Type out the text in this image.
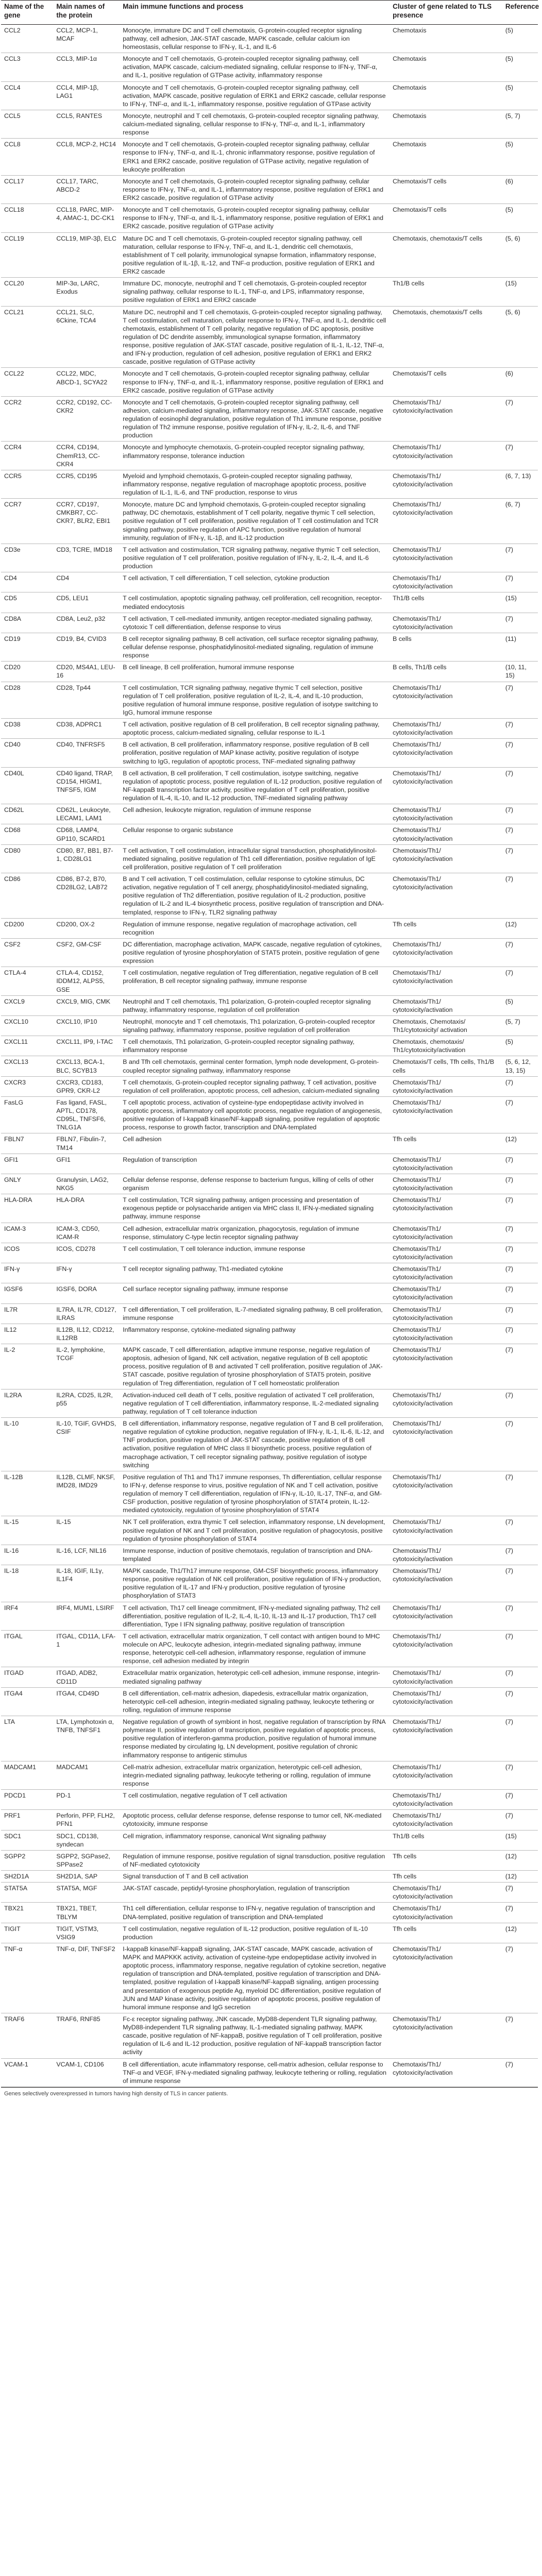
Name of the gene	Main names of the protein	Main immune functions and process	Cluster of gene related to TLS presence	Reference
CCL2	CCL2, MCP-1, MCAF	Monocyte, immature DC and T cell chemotaxis, G-protein-coupled receptor signaling pathway, cell adhesion, JAK-STAT cascade, MAPK cascade, cellular calcium ion homeostasis, cellular response to IFN-γ, IL-1, and IL-6	Chemotaxis	(5)
CCL3	CCL3, MIP-1α	Monocyte and T cell chemotaxis, G-protein-coupled receptor signaling pathway, cell activation, MAPK cascade, calcium-mediated signaling, cellular response to IFN-γ, TNF-α, and IL-1, positive regulation of GTPase activity, inflammatory response	Chemotaxis	(5)
CCL4	CCL4, MIP-1β, LAG1	Monocyte and T cell chemotaxis, G-protein-coupled receptor signaling pathway, cell activation, MAPK cascade, positive regulation of ERK1 and ERK2 cascade, cellular response to IFN-γ, TNF-α, and IL-1, inflammatory response, positive regulation of GTPase activity	Chemotaxis	(5)
CCL5	CCL5, RANTES	Monocyte, neutrophil and T cell chemotaxis, G-protein-coupled receptor signaling pathway, calcium-mediated signaling, cellular response to IFN-γ, TNF-α, and IL-1, inflammatory response	Chemotaxis	(5, 7)
CCL8	CCL8, MCP-2, HC14	Monocyte and T cell chemotaxis, G-protein-coupled receptor signaling pathway, cellular response to IFN-γ, TNF-α, and IL-1, chronic inflammatory response, positive regulation of ERK1 and ERK2 cascade, positive regulation of GTPase activity, negative regulation of leukocyte proliferation	Chemotaxis	(5)
CCL17	CCL17, TARC, ABCD-2	Monocyte and T cell chemotaxis, G-protein-coupled receptor signaling pathway, cellular response to IFN-γ, TNF-α, and IL-1, inflammatory response, positive regulation of ERK1 and ERK2 cascade, positive regulation of GTPase activity	Chemotaxis/T cells	(6)
CCL18	CCL18, PARC, MIP-4, AMAC-1, DC-CK1	Monocyte and T cell chemotaxis, G-protein-coupled receptor signaling pathway, cellular response to IFN-γ, TNF-α, and IL-1, inflammatory response, positive regulation of ERK1 and ERK2 cascade, positive regulation of GTPase activity	Chemotaxis/T cells	(5)
CCL19	CCL19, MIP-3β, ELC	Mature DC and T cell chemotaxis, G-protein-coupled receptor signaling pathway, cell maturation, cellular response to IFN-γ, TNF-α, and IL-1, dendritic cell chemotaxis, establishment of T cell polarity, immunological synapse formation, inflammatory response, positive regulation of IL-1β, IL-12, and TNF-α production, positive regulation of ERK1 and ERK2 cascade	Chemotaxis, chemotaxis/T cells	(5, 6)
CCL20	MIP-3α, LARC, Exodus	Immature DC, monocyte, neutrophil and T cell chemotaxis, G-protein-coupled receptor signaling pathway, cellular response to IL-1, TNF-α, and LPS, inflammatory response, positive regulation of ERK1 and ERK2 cascade	Th1/B cells	(15)
CCL21	CCL21, SLC, 6Ckine, TCA4	Mature DC, neutrophil and T cell chemotaxis, G-protein-coupled receptor signaling pathway, T cell costimulation, cell maturation, cellular response to IFN-γ, TNF-α, and IL-1, dendritic cell chemotaxis, establishment of T cell polarity, negative regulation of DC apoptosis, positive regulation of DC dendrite assembly, immunological synapse formation, inflammatory response, positive regulation of JAK-STAT cascade, positive regulation of IL-1, IL-12, TNF-α, and IFN-γ production, regulation of cell adhesion, positive regulation of ERK1 and ERK2 cascade, positive regulation of GTPase activity	Chemotaxis, chemotaxis/T cells	(5, 6)
CCL22	CCL22, MDC, ABCD-1, SCYA22	Monocyte and T cell chemotaxis, G-protein-coupled receptor signaling pathway, cellular response to IFN-γ, TNF-α, and IL-1, inflammatory response, positive regulation of ERK1 and ERK2 cascade, positive regulation of GTPase activity	Chemotaxis/T cells	(6)
CCR2	CCR2, CD192, CC-CKR2	Monocyte and T cell chemotaxis, G-protein-coupled receptor signaling pathway, cell adhesion, calcium-mediated signaling, inflammatory response, JAK-STAT cascade, negative regulation of eosinophil degranulation, positive regulation of Th1 immune response, positive regulation of Th2 immune response, positive regulation of IFN-γ, IL-2, IL-6, and TNF production	Chemotaxis/Th1/ cytotoxicity/activation	(7)
CCR4	CCR4, CD194, ChemR13, CC-CKR4	Monocyte and lymphocyte chemotaxis, G-protein-coupled receptor signaling pathway, inflammatory response, tolerance induction	Chemotaxis/Th1/ cytotoxicity/activation	(7)
CCR5	CCR5, CD195	Myeloid and lymphoid chemotaxis, G-protein-coupled receptor signaling pathway, inflammatory response, negative regulation of macrophage apoptotic process, positive regulation of IL-1, IL-6, and TNF production, response to virus	Chemotaxis/Th1/ cytotoxicity/activation	(6, 7, 13)
CCR7	CCR7, CD197, CMKBR7, CC-CKR7, BLR2, EBI1	Monocyte, mature DC and lymphoid chemotaxis, G-protein-coupled receptor signaling pathway, DC chemotaxis, establishment of T cell polarity, negative thymic T cell selection, positive regulation of T cell proliferation, positive regulation of T cell costimulation and TCR signaling pathway, positive regulation of APC function, positive regulation of humoral immunity, regulation of IFN-γ, IL-1β, and IL-12 production	Chemotaxis/Th1/ cytotoxicity/activation	(6, 7)
CD3e	CD3, TCRE, IMD18	T cell activation and costimulation, TCR signaling pathway, negative thymic T cell selection, positive regulation of T cell proliferation, positive regulation of IFN-γ, IL-2, IL-4, and IL-6 production	Chemotaxis/Th1/ cytotoxicity/activation	(7)
CD4	CD4	T cell activation, T cell differentiation, T cell selection, cytokine production	Chemotaxis/Th1/ cytotoxicity/activation	(7)
CD5	CD5, LEU1	T cell costimulation, apoptotic signaling pathway, cell proliferation, cell recognition, receptor-mediated endocytosis	Th1/B cells	(15)
CD8A	CD8A, Leu2, p32	T cell activation, T cell-mediated immunity, antigen receptor-mediated signaling pathway, cytotoxic T cell differentiation, defense response to virus	Chemotaxis/Th1/ cytotoxicity/activation	(7)
CD19	CD19, B4, CVID3	B cell receptor signaling pathway, B cell activation, cell surface receptor signaling pathway, cellular defense response, phosphatidylinositol-mediated signaling, regulation of immune response	B cells	(11)
CD20	CD20, MS4A1, LEU-16	B cell lineage, B cell proliferation, humoral immune response	B cells, Th1/B cells	(10, 11, 15)
CD28	CD28, Tp44	T cell costimulation, TCR signaling pathway, negative thymic T cell selection, positive regulation of T cell proliferation, positive regulation of IL-2, IL-4, and IL-10 production, positive regulation of humoral immune response, positive regulation of isotype switching to IgG, humoral immune response	Chemotaxis/Th1/ cytotoxicity/activation	(7)
CD38	CD38, ADPRC1	T cell activation, positive regulation of B cell proliferation, B cell receptor signaling pathway, apoptotic process, calcium-mediated signaling, cellular response to IL-1	Chemotaxis/Th1/ cytotoxicity/activation	(7)
CD40	CD40, TNFRSF5	B cell activation, B cell proliferation, inflammatory response, positive regulation of B cell proliferation, positive regulation of MAP kinase activity, positive regulation of isotype switching to IgG, regulation of apoptotic process, TNF-mediated signaling pathway	Chemotaxis/Th1/ cytotoxicity/activation	(7)
CD40L	CD40 ligand, TRAP, CD154, HIGM1, TNFSF5, IGM	B cell activation, B cell proliferation, T cell costimulation, isotype switching, negative regulation of apoptotic process, positive regulation of IL-12 production, positive regulation of NF-kappaB transcription factor activity, positive regulation of T cell proliferation, positive regulation of IL-4, IL-10, and IL-12 production, TNF-mediated signaling pathway	Chemotaxis/Th1/ cytotoxicity/activation	(7)
CD62L	CD62L, Leukocyte, LECAM1, LAM1	Cell adhesion, leukocyte migration, regulation of immune response	Chemotaxis/Th1/ cytotoxicity/activation	(7)
CD68	CD68, LAMP4, GP110, SCARD1	Cellular response to organic substance	Chemotaxis/Th1/ cytotoxicity/activation	(7)
CD80	CD80, B7, BB1, B7-1, CD28LG1	T cell activation, T cell costimulation, intracellular signal transduction, phosphatidylinositol-mediated signaling, positive regulation of Th1 cell differentiation, positive regulation of IgE cell proliferation, positive regulation of T cell proliferation	Chemotaxis/Th1/ cytotoxicity/activation	(7)
CD86	CD86, B7-2, B70, CD28LG2, LAB72	B and T cell activation, T cell costimulation, cellular response to cytokine stimulus, DC activation, negative regulation of T cell anergy, phosphatidylinositol-mediated signaling, positive regulation of Th2 differentiation, positive regulation of IL-2 production, positive regulation of IL-2 and IL-4 biosynthetic process, positive regulation of transcription and DNA-templated, response to IFN-γ, TLR2 signaling pathway	Chemotaxis/Th1/ cytotoxicity/activation	(7)
CD200	CD200, OX-2	Regulation of immune response, negative regulation of macrophage activation, cell recognition	Tfh cells	(12)
CSF2	CSF2, GM-CSF	DC differentiation, macrophage activation, MAPK cascade, negative regulation of cytokines, positive regulation of tyrosine phosphorylation of STAT5 protein, positive regulation of gene expression	Chemotaxis/Th1/ cytotoxicity/activation	(7)
CTLA-4	CTLA-4, CD152, IDDM12, ALPS5, GSE	T cell costimulation, negative regulation of Treg differentiation, negative regulation of B cell proliferation, B cell receptor signaling pathway, immune response	Chemotaxis/Th1/ cytotoxicity/activation	(7)
CXCL9	CXCL9, MIG, CMK	Neutrophil and T cell chemotaxis, Th1 polarization, G-protein-coupled receptor signaling pathway, inflammatory response, regulation of cell proliferation	Chemotaxis/Th1/ cytotoxicity/activation	(5)
CXCL10	CXCL10, IP10	Neutrophil, monocyte and T cell chemotaxis, Th1 polarization, G-protein-coupled receptor signaling pathway, inflammatory response, positive regulation of cell proliferation	Chemotaxis, Chemotaxis/ Th1/cytotoxicity/ activation	(5, 7)
CXCL11	CXCL11, IP9, I-TAC	T cell chemotaxis, Th1 polarization, G-protein-coupled receptor signaling pathway, inflammatory response	Chemotaxis, chemotaxis/ Th1/cytotoxicity/activation	(5)
CXCL13	CXCL13, BCA-1, BLC, SCYB13	B and Tfh cell chemotaxis, germinal center formation, lymph node development, G-protein-coupled receptor signaling pathway, inflammatory response	Chemotaxis/T cells, Tfh cells, Th1/B cells	(5, 6, 12, 13, 15)
CXCR3	CXCR3, CD183, GPR9, CKR-L2	T cell chemotaxis, G-protein-coupled receptor signaling pathway, T cell activation, positive regulation of cell proliferation, apoptotic process, cell adhesion, calcium-mediated signaling	Chemotaxis/Th1/ cytotoxicity/activation	(7)
FasLG	Fas ligand, FASL, APTL, CD178, CD95L, TNFSF6, TNLG1A	T cell apoptotic process, activation of cysteine-type endopeptidase activity involved in apoptotic process, inflammatory cell apoptotic process, negative regulation of angiogenesis, positive regulation of I-kappaB kinase/NF-kappaB signaling, positive regulation of apoptotic process, response to growth factor, transcription and DNA-templated	Chemotaxis/Th1/ cytotoxicity/activation	(7)
FBLN7	FBLN7, Fibulin-7, TM14	Cell adhesion	Tfh cells	(12)
GFI1	GFI1	Regulation of transcription	Chemotaxis/Th1/ cytotoxicity/activation	(7)
GNLY	Granulysin, LAG2, NKG5	Cellular defense response, defense response to bacterium fungus, killing of cells of other organism	Chemotaxis/Th1/ cytotoxicity/activation	(7)
HLA-DRA	HLA-DRA	T cell costimulation, TCR signaling pathway, antigen processing and presentation of exogenous peptide or polysaccharide antigen via MHC class II, IFN-γ-mediated signaling pathway, immune response	Chemotaxis/Th1/ cytotoxicity/activation	(7)
ICAM-3	ICAM-3, CD50, ICAM-R	Cell adhesion, extracellular matrix organization, phagocytosis, regulation of immune response, stimulatory C-type lectin receptor signaling pathway	Chemotaxis/Th1/ cytotoxicity/activation	(7)
ICOS	ICOS, CD278	T cell costimulation, T cell tolerance induction, immune response	Chemotaxis/Th1/ cytotoxicity/activation	(7)
IFN-γ	IFN-γ	T cell receptor signaling pathway, Th1-mediated cytokine	Chemotaxis/Th1/ cytotoxicity/activation	(7)
IGSF6	IGSF6, DORA	Cell surface receptor signaling pathway, immune response	Chemotaxis/Th1/ cytotoxicity/activation	(7)
IL7R	IL7RA, IL7R, CD127, ILRAS	T cell differentiation, T cell proliferation, IL-7-mediated signaling pathway, B cell proliferation, immune response	Chemotaxis/Th1/ cytotoxicity/activation	(7)
IL12	IL12B, IL12, CD212, IL12RB	Inflammatory response, cytokine-mediated signaling pathway	Chemotaxis/Th1/ cytotoxicity/activation	(7)
IL-2	IL-2, lymphokine, TCGF	MAPK cascade, T cell differentiation, adaptive immune response, negative regulation of apoptosis, adhesion of ligand, NK cell activation, negative regulation of B cell apoptotic process, positive regulation of B and activated T cell proliferation, positive regulation of JAK-STAT cascade, positive regulation of tyrosine phosphorylation of STAT5 protein, positive regulation of Treg differentiation, regulation of T cell homeostatic proliferation	Chemotaxis/Th1/ cytotoxicity/activation	(7)
IL2RA	IL2RA, CD25, IL2R, p55	Activation-induced cell death of T cells, positive regulation of activated T cell proliferation, negative regulation of T cell differentiation, inflammatory response, IL-2-mediated signaling pathway, regulation of T cell tolerance induction	Chemotaxis/Th1/ cytotoxicity/activation	(7)
IL-10	IL-10, TGIF, GVHDS, CSIF	B cell differentiation, inflammatory response, negative regulation of T and B cell proliferation, negative regulation of cytokine production, negative regulation of IFN-γ, IL-1, IL-6, IL-12, and TNF production, positive regulation of JAK-STAT cascade, positive regulation of B cell activation, positive regulation of MHC class II biosynthetic process, positive regulation of macrophage activation, T cell receptor signaling pathway, positive regulation of isotype switching	Chemotaxis/Th1/ cytotoxicity/activation	(7)
IL-12B	IL12B, CLMF, NKSF, IMD28, IMD29	Positive regulation of Th1 and Th17 immune responses, Th differentiation, cellular response to IFN-γ, defense response to virus, positive regulation of NK and T cell activation, positive regulation of memory T cell differentiation, regulation of IFN-γ, IL-10, IL-17, TNF-α, and GM-CSF production, positive regulation of tyrosine phosphorylation of STAT4 protein, IL-12-mediated cytotoxicity, regulation of tyrosine phosphorylation of STAT4	Chemotaxis/Th1/ cytotoxicity/activation	(7)
IL-15	IL-15	NK T cell proliferation, extra thymic T cell selection, inflammatory response, LN development, positive regulation of NK and T cell proliferation, positive regulation of phagocytosis, positive regulation of tyrosine phosphorylation of STAT4	Chemotaxis/Th1/ cytotoxicity/activation	(7)
IL-16	IL-16, LCF, NIL16	Immune response, induction of positive chemotaxis, regulation of transcription and DNA-templated	Chemotaxis/Th1/ cytotoxicity/activation	(7)
IL-18	IL-18, IGIF, IL1γ, IL1F4	MAPK cascade, Th1/Th17 immune response, GM-CSF biosynthetic process, inflammatory response, positive regulation of NK cell proliferation, positive regulation of IFN-γ production, positive regulation of IL-17 and IFN-γ production, positive regulation of tyrosine phosphorylation of STAT3	Chemotaxis/Th1/ cytotoxicity/activation	(7)
IRF4	IRF4, MUM1, LSIRF	T cell activation, Th17 cell lineage commitment, IFN-γ-mediated signaling pathway, Th2 cell differentiation, positive regulation of IL-2, IL-4, IL-10, IL-13 and IL-17 production, Th17 cell differentiation, Type I IFN signaling pathway, positive regulation of transcription	Chemotaxis/Th1/ cytotoxicity/activation	(7)
ITGAL	ITGAL, CD11A, LFA-1	T cell activation, extracellular matrix organization, T cell contact with antigen bound to MHC molecule on APC, leukocyte adhesion, integrin-mediated signaling pathway, immune response, heterotypic cell-cell adhesion, inflammatory response, regulation of immune response, cell adhesion mediated by integrin	Chemotaxis/Th1/ cytotoxicity/activation	(7)
ITGAD	ITGAD, ADB2, CD11D	Extracellular matrix organization, heterotypic cell-cell adhesion, immune response, integrin-mediated signaling pathway	Chemotaxis/Th1/ cytotoxicity/activation	(7)
ITGA4	ITGA4, CD49D	B cell differentiation, cell-matrix adhesion, diapedesis, extracellular matrix organization, heterotypic cell-cell adhesion, integrin-mediated signaling pathway, leukocyte tethering or rolling, regulation of immune response	Chemotaxis/Th1/ cytotoxicity/activation	(7)
LTA	LTA, Lymphotoxin α, TNFB, TNFSF1	Negative regulation of growth of symbiont in host, negative regulation of transcription by RNA polymerase II, positive regulation of transcription, positive regulation of apoptotic process, positive regulation of interferon-gamma production, positive regulation of humoral immune response mediated by circulating Ig, LN development, positive regulation of chronic inflammatory response to antigenic stimulus	Chemotaxis/Th1/ cytotoxicity/activation	(7)
MADCAM1	MADCAM1	Cell-matrix adhesion, extracellular matrix organization, heterotypic cell-cell adhesion, integrin-mediated signaling pathway, leukocyte tethering or rolling, regulation of immune response	Chemotaxis/Th1/ cytotoxicity/activation	(7)
PDCD1	PD-1	T cell costimulation, negative regulation of T cell activation	Chemotaxis/Th1/ cytotoxicity/activation	(7)
PRF1	Perforin, PFP, FLH2, PFN1	Apoptotic process, cellular defense response, defense response to tumor cell, NK-mediated cytotoxicity, immune response	Chemotaxis/Th1/ cytotoxicity/activation	(7)
SDC1	SDC1, CD138, syndecan	Cell migration, inflammatory response, canonical Wnt signaling pathway	Th1/B cells	(15)
SGPP2	SGPP2, SGPase2, SPPase2	Regulation of immune response, positive regulation of signal transduction, positive regulation of NF-mediated cytotoxicity	Tfh cells	(12)
SH2D1A	SH2D1A, SAP	Signal transduction of T and B cell activation	Tfh cells	(12)
STAT5A	STAT5A, MGF	JAK-STAT cascade, peptidyl-tyrosine phosphorylation, regulation of transcription	Chemotaxis/Th1/ cytotoxicity/activation	(7)
TBX21	TBX21, TBET, TBLYM	Th1 cell differentiation, cellular response to IFN-γ, negative regulation of transcription and DNA-templated, positive regulation of transcription and DNA-templated	Chemotaxis/Th1/ cytotoxicity/activation	(7)
TIGIT	TIGIT, VSTM3, VSIG9	T cell costimulation, negative regulation of IL-12 production, positive regulation of IL-10 production	Tfh cells	(12)
TNF-α	TNF-α, DIF, TNFSF2	I-kappaB kinase/NF-kappaB signaling, JAK-STAT cascade, MAPK cascade, activation of MAPK and MAPKKK activity, activation of cysteine-type endopeptidase activity involved in apoptotic process, inflammatory response, negative regulation of cytokine secretion, negative regulation of transcription and DNA-templated, positive regulation of transcription and DNA-templated, positive regulation of I-kappaB kinase/NF-kappaB signaling, antigen processing and presentation of exogenous peptide Ag, myeloid DC differentiation, positive regulation of JUN and MAP kinase activity, positive regulation of apoptotic process, positive regulation of humoral immune response and IgG secretion	Chemotaxis/Th1/ cytotoxicity/activation	(7)
TRAF6	TRAF6, RNF85	Fc-ε receptor signaling pathway, JNK cascade, MyD88-dependent TLR signaling pathway, MyD88-independent TLR signaling pathway, IL-1-mediated signaling pathway, MAPK cascade, positive regulation of NF-kappaB, positive regulation of T cell proliferation, positive regulation of IL-6 and IL-12 production, positive regulation of NF-kappaB transcription factor activity	Chemotaxis/Th1/ cytotoxicity/activation	(7)
VCAM-1	VCAM-1, CD106	B cell differentiation, acute inflammatory response, cell-matrix adhesion, cellular response to TNF-α and VEGF, IFN-γ-mediated signaling pathway, leukocyte tethering or rolling, regulation of immune response	Chemotaxis/Th1/ cytotoxicity/activation	(7)
Genes selectively overexpressed in tumors having high density of TLS in cancer patients.
